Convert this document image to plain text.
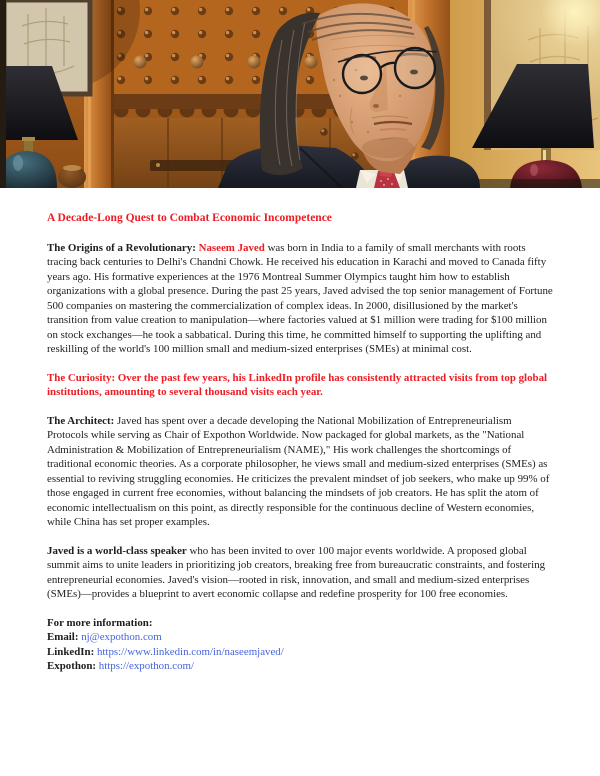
A Decade-Long Quest to Combat Economic Incompetence

The Origins of a Revolutionary: Naseem Javed was born in India to a family of small merchants with roots tracing back centuries to Delhi's Chandni Chowk. He received his education in Karachi and moved to Canada fifty years ago. His formative experiences at the 1976 Montreal Summer Olympics taught him how to establish organizations with a global presence. During the past 25 years, Javed advised the top senior management of Fortune 500 companies on mastering the commercialization of complex ideas. In 2000, disillusioned by the market's transition from value creation to manipulation—where factories valued at $1 million were trading for $100 million on stock exchanges—he took a sabbatical. During this time, he committed himself to supporting the uplifting and reskilling of the world's 100 million small and medium-sized enterprises (SMEs) at minimal cost.

The Curiosity: Over the past few years, his LinkedIn profile has consistently attracted visits from top global institutions, amounting to several thousand visits each year.

The Architect: Javed has spent over a decade developing the National Mobilization of Entrepreneurialism Protocols while serving as Chair of Expothon Worldwide. Now packaged for global markets, as the "National Administration & Mobilization of Entrepreneurialism (NAME)," His work challenges the shortcomings of traditional economic theories. As a corporate philosopher, he views small and medium-sized enterprises (SMEs) as essential to reviving struggling economies. He criticizes the prevalent mindset of job seekers, who make up 99% of those engaged in current free economies, without balancing the mindsets of job creators. He has split the atom of economic intellectualism on this point, as directly responsible for the continuous decline of Western economies, while China has set proper examples.

Javed is a world-class speaker who has been invited to over 100 major events worldwide. A proposed global summit aims to unite leaders in prioritizing job creators, breaking free from bureaucratic constraints, and fostering entrepreneurial economies. Javed's vision—rooted in risk, innovation, and small and medium-sized enterprises (SMEs)—provides a blueprint to avert economic collapse and redefine prosperity for 100 free economies.

For more information:
Email: nj@expothon.com
LinkedIn: https://www.linkedin.com/in/naseemjaved/
Expothon: https://expothon.com/
